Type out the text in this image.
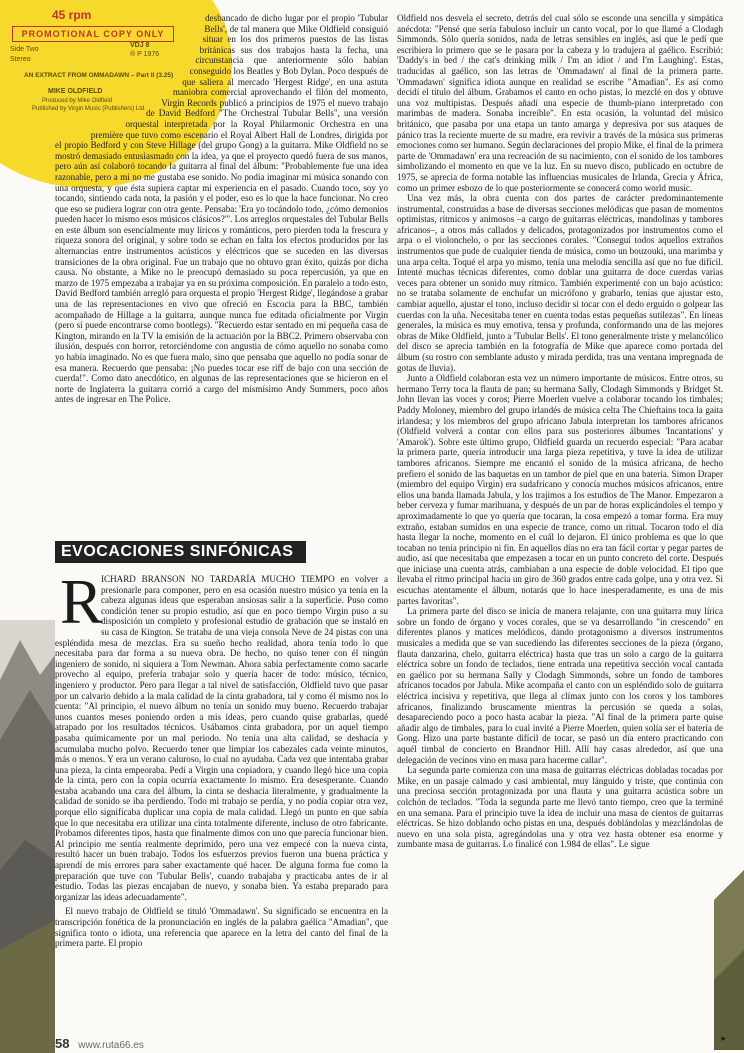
45 rpm
PROMOTIONAL COPY ONLY
Side Two
Stereo
VDJ 8
® P 1976
AN EXTRACT FROM OMMADAWN – Part II (3.25)
MIKE OLDFIELD
Produced by Mike Oldfield
Published by Virgin Music (Publishers) Ltd.

desbancado de dicho lugar por el propio 'Tubular Bells', de tal manera que Mike Oldfield consiguió situar en los dos primeros puestos de las listas británicas sus dos trabajos hasta la fecha, una circunstancia que anteriormente sólo habían conseguido los Beatles y Bob Dylan. Poco después de que saliera al mercado 'Hergest Ridge', en una astuta maniobra comercial aprovechando el filón del momento, Virgin Records publicó a principios de 1975 el nuevo trabajo de David Bedford "The Orchestral Tubular Bells", una versión orquestal interpretada por la Royal Philarmonic Orchestra en una première que tuvo como escenario el Royal Albert Hall de Londres, dirigida por el propio Bedford y con Steve Hillage (del grupo Gong) a la guitarra. Mike Oldfield no se mostró demasiado entusiasmado con la idea, ya que el proyecto quedó fuera de sus manos, pero aún así colaboró tocando la guitarra al final del álbum: "Probablemente fue una idea razonable, pero a mi no me gustaba ese sonido. No podía imaginar mi música sonando con una orquesta, y que ésta supiera captar mi experiencia en el pasado. Cuando toco, soy yo tocando, sintiendo cada nota, la pasión y el poder, eso es lo que la hace funcionar. No creo que eso se pudiera lograr con otra gente. Pensaba: 'Era yo tocándolo todo, ¿cómo demonios pueden hacer lo mismo esos músicos clásicos?'". Los arreglos orquestales del Tubular Bells en este álbum son esencialmente muy líricos y románticos, pero pierden toda la frescura y riqueza sonora del original, y sobre todo se echan en falta los efectos producidos por las alternancias entre instrumentos acústicos y eléctricos que se suceden en las diversas transiciones de la obra original. Fue un trabajo que no obtuvo gran éxito, quizás por dicha causa. No obstante, a Mike no le preocupó demasiado su poca repercusión, ya que en marzo de 1975 empezaba a trabajar ya en su próxima composición. En paralelo a todo esto, David Bedford también arregló para orquesta el propio 'Hergest Ridge', llegándose a grabar una de las representaciones en vivo que ofreció en Escocia para la BBC, también acompañado de Hillage a la guitarra, aunque nunca fue editada oficialmente por Virgin (pero sí puede encontrarse como bootlegs). "Recuerdo estar sentado en mi pequeña casa de Kington, mirando en la TV la emisión de la actuación por la BBC2. Primero observaba con ilusión, después con horror, retorciéndome con angustia de cómo aquello no sonaba como yo había imaginado. No es que fuera malo, sino que pensaba que aquello no podía sonar de esa manera. Recuerdo que pensaba: ¡No puedes tocar ese riff de bajo con una sección de cuerda!". Como dato anecdótico, en algunas de las representaciones que se hicieron en el norte de Inglaterra la guitarra corrió a cargo del mismísimo Andy Summers, poco años antes de ingresar en The Police.

EVOCACIONES SINFÓNICAS
R

ICHARD BRANSON NO TARDARÍA MUCHO TIEMPO en volver a presionarle para componer, pero en esa ocasión nuestro músico ya tenía en la cabeza algunas ideas que esperaban ansiosas salir a la superficie. Puso como condición tener su propio estudio, así que en poco tiempo Virgin puso a su disposición un completo y profesional estudio de grabación que se instaló en su casa de Kington. Se trataba de una vieja consola Neve de 24 pistas con una espléndida mesa de mezclas. Era su sueño hecho realidad, ahora tenía todo lo que necesitaba para dar forma a su nueva obra. De hecho, no quiso tener con él ningún ingeniero de sonido, ni siquiera a Tom Newman. Ahora sabía perfectamente como sacarle provecho al equipo, prefería trabajar solo y quería hacer de todo: músico, técnico, ingeniero y productor. Pero para llegar a tal nivel de satisfacción, Oldfield tuvo que pasar por un calvario debido a la mala calidad de la cinta grabadora, tal y como él mismo nos lo cuenta: "Al principio, el nuevo álbum no tenía un sonido muy bueno. Recuerdo trabajar unos cuantos meses poniendo orden a mis ideas, pero cuando quise grabarlas, quedé atrapado por los resultados técnicos. Usábamos cinta grabadora, por un aquel tiempo pasaba químicamente por un mal periodo. No tenía una alta calidad, se deshacía y acumulaba mucho polvo. Recuerdo tener que limpiar los cabezales cada veinte minutos, más o menos. Y era un verano caluroso, lo cual no ayudaba. Cada vez que intentaba grabar una pieza, la cinta empeoraba. Pedí a Virgin una copiadora, y cuando llegó hice una copia de la cinta, pero con la copia ocurría exactamente lo mismo. Era desesperante. Cuando estaba acabando una cara del álbum, la cinta se deshacía literalmente, y gradualmente la calidad de sonido se iba perdiendo. Todo mi trabajo se perdía, y no podía copiar otra vez, porque ello significaba duplicar una copia de mala calidad. Llegó un punto en que sabía que lo que necesitaba era utilizar una cinta totalmente diferente, incluso de otro fabricante. Probamos diferentes tipos, hasta que finalmente dimos con uno que parecía funcionar bien. Al principio me sentía realmente deprimido, pero una vez empecé con la nueva cinta, resultó hacer un buen trabajo. Todos los esfuerzos previos fueron una buena práctica y aprendí de mis errores para saber exactamente qué hacer. De alguna forma fue como la preparación que tuve con 'Tubular Bells', cuando trabajaba y practicaba antes de ir al estudio. Todas las piezas encajaban de nuevo, y sonaba bien. Ya estaba preparado para organizar las ideas adecuadamente".

El nuevo trabajo de Oldfield se tituló 'Ommadawn'. Su significado se encuentra en la transcripción fonética de la pronunciación en inglés de la palabra gaélica "Amadian", que significa tonto o idiota, una referencia que aparece en la letra del canto del final de la primera parte. El propio

Oldfield nos desvela el secreto, detrás del cual sólo se esconde una sencilla y simpática anécdota: "Pensé que sería fabuloso incluir un canto vocal, por lo que llamé a Clodagh Simmonds. Sólo quería sonidos, nada de letras sensibles en inglés, así que le pedí que escribiera lo primero que se le pasara por la cabeza y lo tradujera al gaélico. Escribió: 'Daddy's in bed / the cat's drinking milk / I'm an idiot / and I'm Laughing'. Estas, traducidas al gaélico, son las letras de 'Ommadawn' al final de la primera parte. 'Ommadawn' significa idiota aunque en realidad se escribe "Amadian". Es así como decidí el título del álbum. Grabamos el canto en ocho pistas, lo mezclé en dos y obtuve una voz multipistas. Después añadí una especie de thumb-piano interpretado con marimbas de madera. Sonaba increíble". En esta ocasión, la voluntad del músico británico, que pasaba por una etapa un tanto amarga y depresiva por sus ataques de pánico tras la reciente muerte de su madre, era revivir a través de la música sus primeras emociones como ser humano. Según declaraciones del propio Mike, el final de la primera parte de 'Ommadawn' era una recreación de su nacimiento, con el sonido de los tambores simbolizando el momento en que ve la luz. En su nuevo disco, publicado en octubre de 1975, se aprecia de forma notable las influencias musicales de Irlanda, Grecia y África, como un primer esbozo de lo que posteriormente se conocerá como world music.

Una vez más, la obra cuenta con dos partes de carácter predominantemente instrumental, construidas a base de diversas secciones melódicas que pasan de momentos optimistas, rítmicos y animosos –a cargo de guitarras eléctricas, mandolinas y tambores africanos–, a otros más callados y delicados, protagonizados por instrumentos como el arpa o el violonchelo, o por las secciones corales. "Conseguí todos aquellos extraños instrumentos que pude de cualquier tienda de música, como un bouzouki, una marimba y una arpa celta. Toqué el arpa yo mismo, tenía una melodía sencilla así que no fue difícil. Intenté muchas técnicas diferentes, como doblar una guitarra de doce cuerdas varias veces para obtener un sonido muy rítmico. También experimenté con un bajo acústico: no se trataba solamente de enchufar un micrófono y grabarlo, tenías que ajustar esto, cambiar aquello, ajustar el tono, incluso decidir si tocar con el dedo erguido o golpear las cuerdas con la uña. Necesitaba tener en cuenta todas estas pequeñas sutilezas". En líneas generales, la música es muy emotiva, tensa y profunda, conformando una de las mejores obras de Mike Oldfield, junto a 'Tubular Bells'. El tono generalmente triste y melancólico del disco se aprecia también en la fotografía de Mike que aparece como portada del álbum (su rostro con semblante adusto y mirada perdida, tras una ventana impregnada de gotas de lluvia).

Junto a Oldfield colaboran esta vez un número importante de músicos. Entre otros, su hermano Terry toca la flauta de pan; su hermana Sally, Clodagh Simmonds y Bridget St. John llevan las voces y coros; Pierre Moerlen vuelve a colaborar tocando los timbales; Paddy Moloney, miembro del grupo irlandés de música celta The Chieftains toca la gaita irlandesa; y los miembros del grupo africano Jabula interpretan los tambores africanos (Oldfield volverá a contar con ellos para sus posteriores álbumes 'Incantations' y 'Amarok'). Sobre este último grupo, Oldfield guarda un recuerdo especial: "Para acabar la primera parte, quería introducir una larga pieza repetitiva, y tuve la idea de utilizar tambores africanos. Siempre me encantó el sonido de la música africana, de hecho prefiero el sonido de las baquetas en un tambor de piel que en una batería. Simon Draper (miembro del equipo Virgin) era sudafricano y conocía muchos músicos africanos, entre ellos una banda llamada Jabula, y los trajimos a los estudios de The Manor. Empezaron a beber cerveza y fumar marihuana, y después de un par de horas explicándoles el tempo y aproximadamente lo que yo quería que tocaran, la cosa empezó a tomar forma. Era muy extraño, estaban sumidos en una especie de trance, como un ritual. Tocaron todo el día hasta llegar la noche, momento en el cuál lo dejaron. El único problema es que lo que tocaban no tenía principio ni fin. En aquellos días no era tan fácil cortar y pegar partes de audio, así que necesitaba que empezasen a tocar en un punto concreto del corte. Después que iniciase una cuenta atrás, cambiaban a una especie de doble velocidad. El tipo que llevaba el ritmo principal hacia un giro de 360 grados entre cada golpe, una y otra vez. Si escuchas atentamente el álbum, notarás que lo hace inesperadamente, es una de mis partes favoritas".

La primera parte del disco se inicia de manera relajante, con una guitarra muy lírica sobre un fondo de órgano y voces corales, que se va desarrollando "in crescendo" en diferentes planos y matices melódicos, dando protagonismo a diversos instrumentos musicales a medida que se van sucediendo las diferentes secciones de la pieza (órgano, flauta danzarina, chelo, guitarra eléctrica) hasta que tras un solo a cargo de la guitarra eléctrica sobre un fondo de teclados, tiene entrada una repetitiva sección vocal cantada en gaélico por su hermana Sally y Clodagh Simmonds, sobre un fondo de tambores africanos tocados por Jabula. Mike acompaña el canto con un espléndido solo de guitarra eléctrica incisiva y repetitiva, que llega al clímax junto con los coros y los tambores africanos, finalizando bruscamente mientras la percusión se queda a solas, desapareciendo poco a poco hasta acabar la pieza. "Al final de la primera parte quise añadir algo de timbales, para lo cual invité a Pierre Moerlen, quien solía ser el batería de Gong. Hizo una parte bastante difícil de tocar, se pasó un día entero practicando con aquél timbal de concierto en Brandnor Hill. Allí hay casas alrededor, así que una delegación de vecinos vino en masa para hacerme callar".

La segunda parte comienza con una masa de guitarras eléctricas dobladas tocadas por Mike, en un pasaje calmado y casi ambiental, muy lánguido y triste, que continúa con una preciosa sección protagonizada por una flauta y una guitarra acústica sobre un colchón de teclados. "Toda la segunda parte me llevó tanto tiempo, creo que la terminé en una semana. Para el principio tuve la idea de incluir una masa de cientos de guitarras eléctricas. Se hizo doblando ocho pistas en una, después doblándolas y mezclándolas de nuevo en una sola pista, agregándolas una y otra vez hasta obtener esa enorme y zumbante masa de guitarras. Lo finalicé con 1.984 de ellas". Le sigue

▸
58 www.ruta66.es
